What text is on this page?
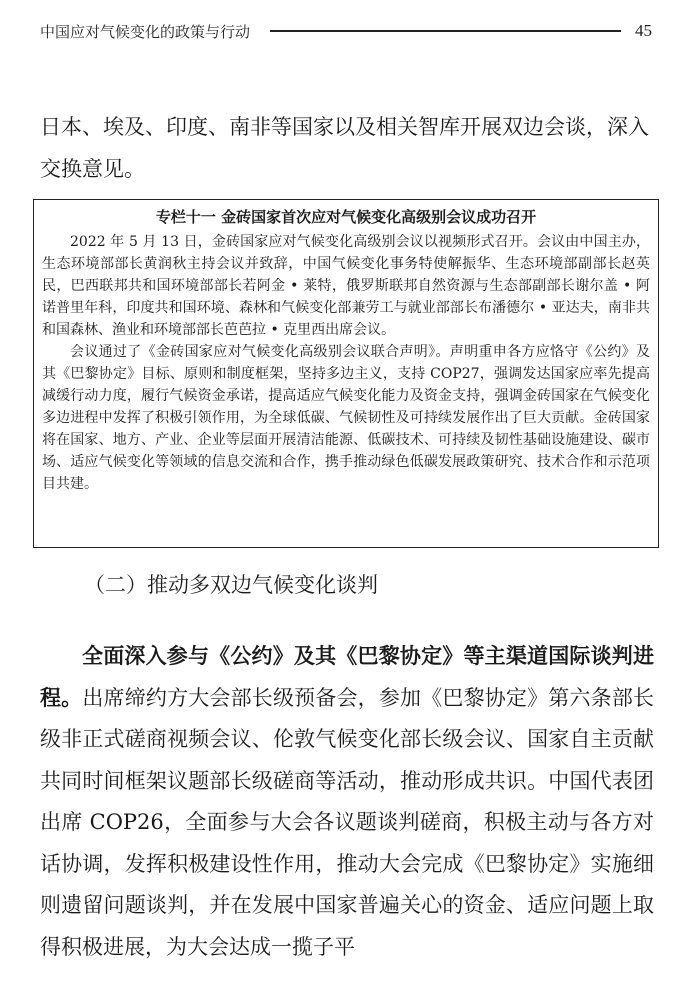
中国应对气候变化的政策与行动	45

日本、埃及、印度、南非等国家以及相关智库开展双边会谈，深入交换意见。

专栏十一 金砖国家首次应对气候变化高级别会议成功召开

2022 年 5 月 13 日，金砖国家应对气候变化高级别会议以视频形式召开。会议由中国主办，生态环境部部长黄润秋主持会议并致辞，中国气候变化事务特使解振华、生态环境部副部长赵英民，巴西联邦共和国环境部部长若阿金 • 莱特，俄罗斯联邦自然资源与生态部副部长谢尔盖 • 阿诺普里年科，印度共和国环境、森林和气候变化部兼劳工与就业部部长布潘德尔 • 亚达夫，南非共和国森林、渔业和环境部部长芭芭拉 • 克里西出席会议。

会议通过了《金砖国家应对气候变化高级别会议联合声明》。声明重申各方应恪守《公约》及其《巴黎协定》目标、原则和制度框架，坚持多边主义，支持 COP27，强调发达国家应率先提高减缓行动力度，履行气候资金承诺，提高适应气候变化能力及资金支持，强调金砖国家在气候变化多边进程中发挥了积极引领作用，为全球低碳、气候韧性及可持续发展作出了巨大贡献。金砖国家将在国家、地方、产业、企业等层面开展清洁能源、低碳技术、可持续及韧性基础设施建设、碳市场、适应气候变化等领域的信息交流和合作，携手推动绿色低碳发展政策研究、技术合作和示范项目共建。

（二）推动多双边气候变化谈判

全面深入参与《公约》及其《巴黎协定》等主渠道国际谈判进程。出席缔约方大会部长级预备会，参加《巴黎协定》第六条部长级非正式磋商视频会议、伦敦气候变化部长级会议、国家自主贡献共同时间框架议题部长级磋商等活动，推动形成共识。中国代表团出席 COP26，全面参与大会各议题谈判磋商，积极主动与各方对话协调，发挥积极建设性作用，推动大会完成《巴黎协定》实施细则遗留问题谈判，并在发展中国家普遍关心的资金、适应问题上取得积极进展，为大会达成一揽子平
